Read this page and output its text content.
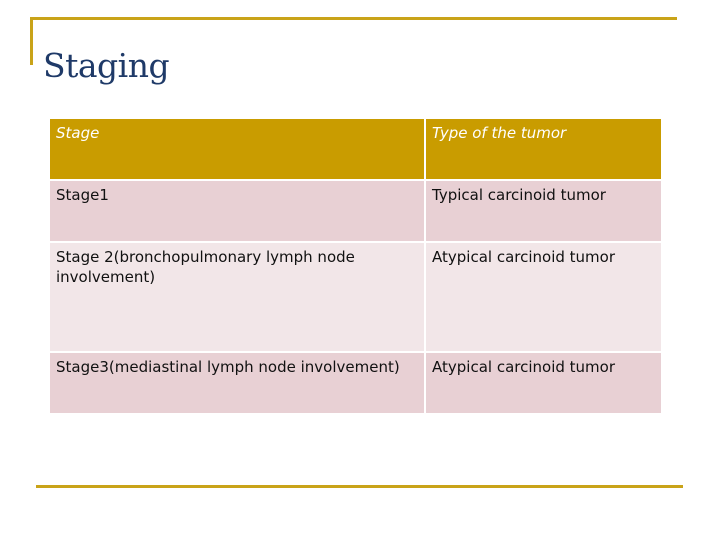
Staging
Stage	Type of the tumor
Stage1	Typical carcinoid tumor
Stage 2(bronchopulmonary lymph node involvement)	Atypical carcinoid tumor
Stage3(mediastinal lymph node involvement)	Atypical carcinoid tumor
